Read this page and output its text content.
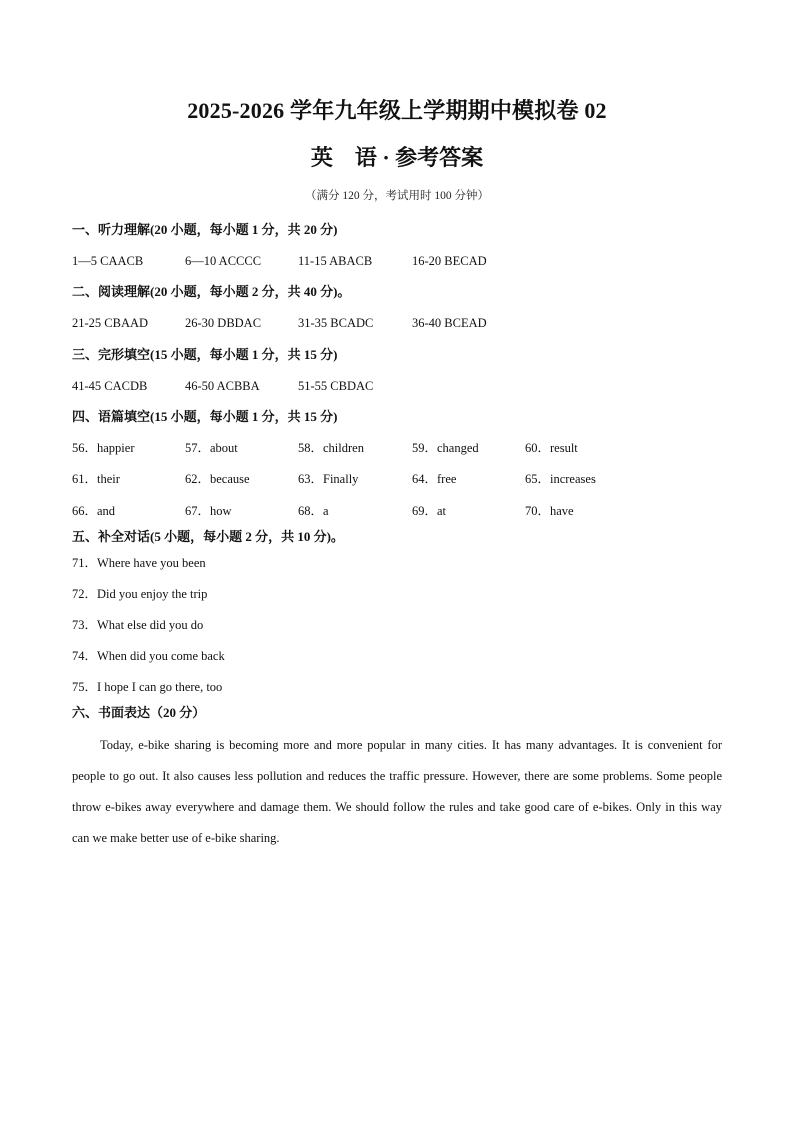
2025-2026 学年九年级上学期期中模拟卷 02
英　语 · 参考答案
（满分 120 分，考试用时 100 分钟）
一、听力理解(20 小题，每小题 1 分，共 20 分)
1—5 CAACB	6—10 ACCCC	11-15 ABACB	16-20 BECAD
二、阅读理解(20 小题，每小题 2 分，共 40 分)。
21-25 CBAAD	26-30 DBDAC	31-35 BCADC	36-40 BCEAD
三、完形填空(15 小题，每小题 1 分，共 15 分)
41-45 CACDB	46-50 ACBBA	51-55 CBDAC
四、语篇填空(15 小题，每小题 1 分，共 15 分)
56．happier	57．about	58．children	59．changed	60．result
61．their	62．because	63．Finally	64．free	65．increases
66．and	67．how	68．a	69．at	70．have
五、补全对话(5 小题，每小题 2 分，共 10 分)。
71．Where have you been
72．Did you enjoy the trip
73．What else did you do
74．When did you come back
75．I hope I can go there, too
六、书面表达（20 分）
Today, e-bike sharing is becoming more and more popular in many cities. It has many advantages. It is convenient for people to go out. It also causes less pollution and reduces the traffic pressure. However, there are some problems. Some people throw e-bikes away everywhere and damage them. We should follow the rules and take good care of e-bikes. Only in this way can we make better use of e-bike sharing.
